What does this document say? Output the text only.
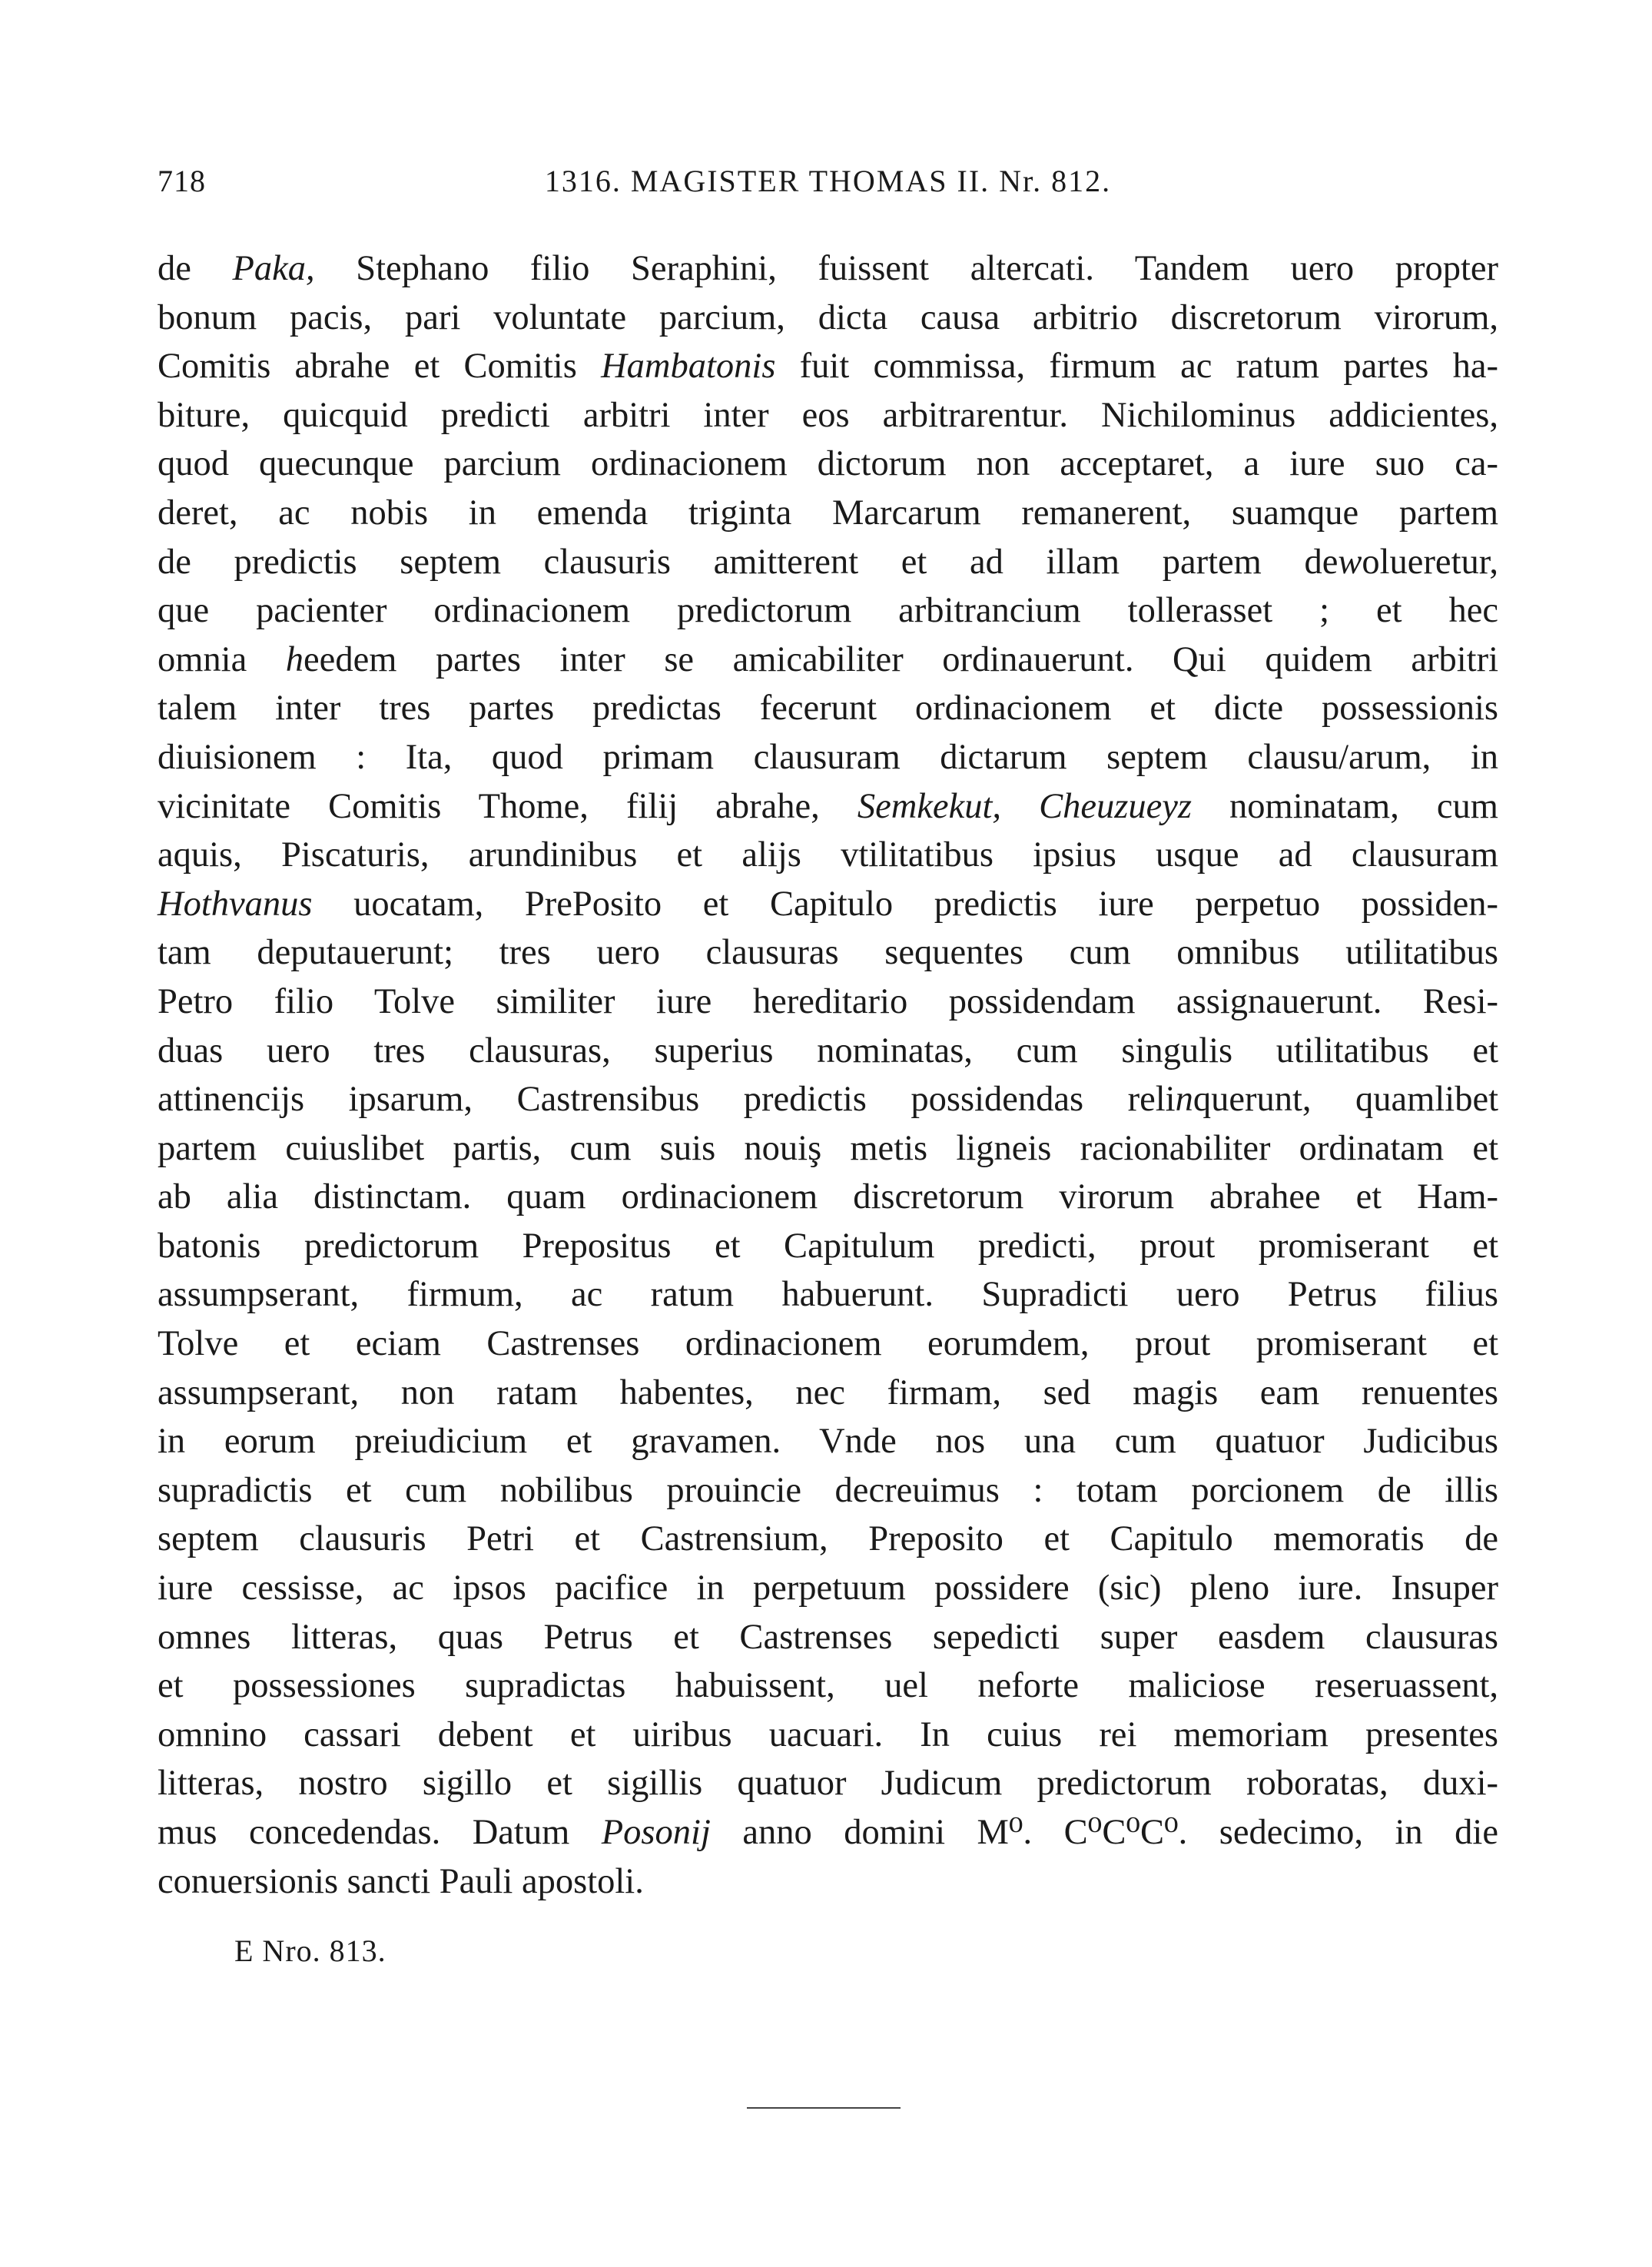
718	1316. MAGISTER THOMAS II. Nr. 812.
de Paka, Stephano filio Seraphini, fuissent altercati. Tandem uero propter
bonum pacis, pari voluntate parcium, dicta causa arbitrio discretorum virorum,
Comitis abrahe et Comitis Hambatonis fuit commissa, firmum ac ratum partes ha-
biture, quicquid predicti arbitri inter eos arbitrarentur. Nichilominus addicientes,
quod quecunque parcium ordinacionem dictorum non acceptaret, a iure suo ca-
deret, ac nobis in emenda triginta Marcarum remanerent, suamque partem
de predictis septem clausuris amitterent et ad illam partem dewolueretur,
que pacienter ordinacionem predictorum arbitrancium tollerasset ; et hec
omnia heedem partes inter se amicabiliter ordinauerunt. Qui quidem arbitri
talem inter tres partes predictas fecerunt ordinacionem et dicte possessionis
diuisionem : Ita, quod primam clausuram dictarum septem clausu/arum, in
vicinitate Comitis Thome, filij abrahe, Semkekut, Cheuzueyz nominatam, cum
aquis, Piscaturis, arundinibus et alijs vtilitatibus ipsius usque ad clausuram
Hothvanus uocatam, PrePosito et Capitulo predictis iure perpetuo possiden-
tam deputauerunt; tres uero clausuras sequentes cum omnibus utilitatibus
Petro filio Tolve similiter iure hereditario possidendam assignauerunt. Resi-
duas uero tres clausuras, superius nominatas, cum singulis utilitatibus et
attinencijs ipsarum, Castrensibus predictis possidendas relinquerunt, quamlibet
partem cuiuslibet partis, cum suis nouiş metis ligneis racionabiliter ordinatam et
ab alia distinctam. quam ordinacionem discretorum virorum abrahee et Ham-
batonis predictorum Prepositus et Capitulum predicti, prout promiserant et
assumpserant, firmum, ac ratum habuerunt. Supradicti uero Petrus filius
Tolve et eciam Castrenses ordinacionem eorumdem, prout promiserant et
assumpserant, non ratam habentes, nec firmam, sed magis eam renuentes
in eorum preiudicium et gravamen. Vnde nos una cum quatuor Judicibus
supradictis et cum nobilibus prouincie decreuimus : totam porcionem de illis
septem clausuris Petri et Castrensium, Preposito et Capitulo memoratis de
iure cessisse, ac ipsos pacifice in perpetuum possidere (sic) pleno iure. Insuper
omnes litteras, quas Petrus et Castrenses sepedicti super easdem clausuras
et possessiones supradictas habuissent, uel neforte maliciose reseruassent,
omnino cassari debent et uiribus uacuari. In cuius rei memoriam presentes
litteras, nostro sigillo et sigillis quatuor Judicum predictorum roboratas, duxi-
mus concedendas. Datum Posonij anno domini M⁰. C⁰C⁰C⁰. sedecimo, in die
conuersionis sancti Pauli apostoli.
E Nro. 813.
